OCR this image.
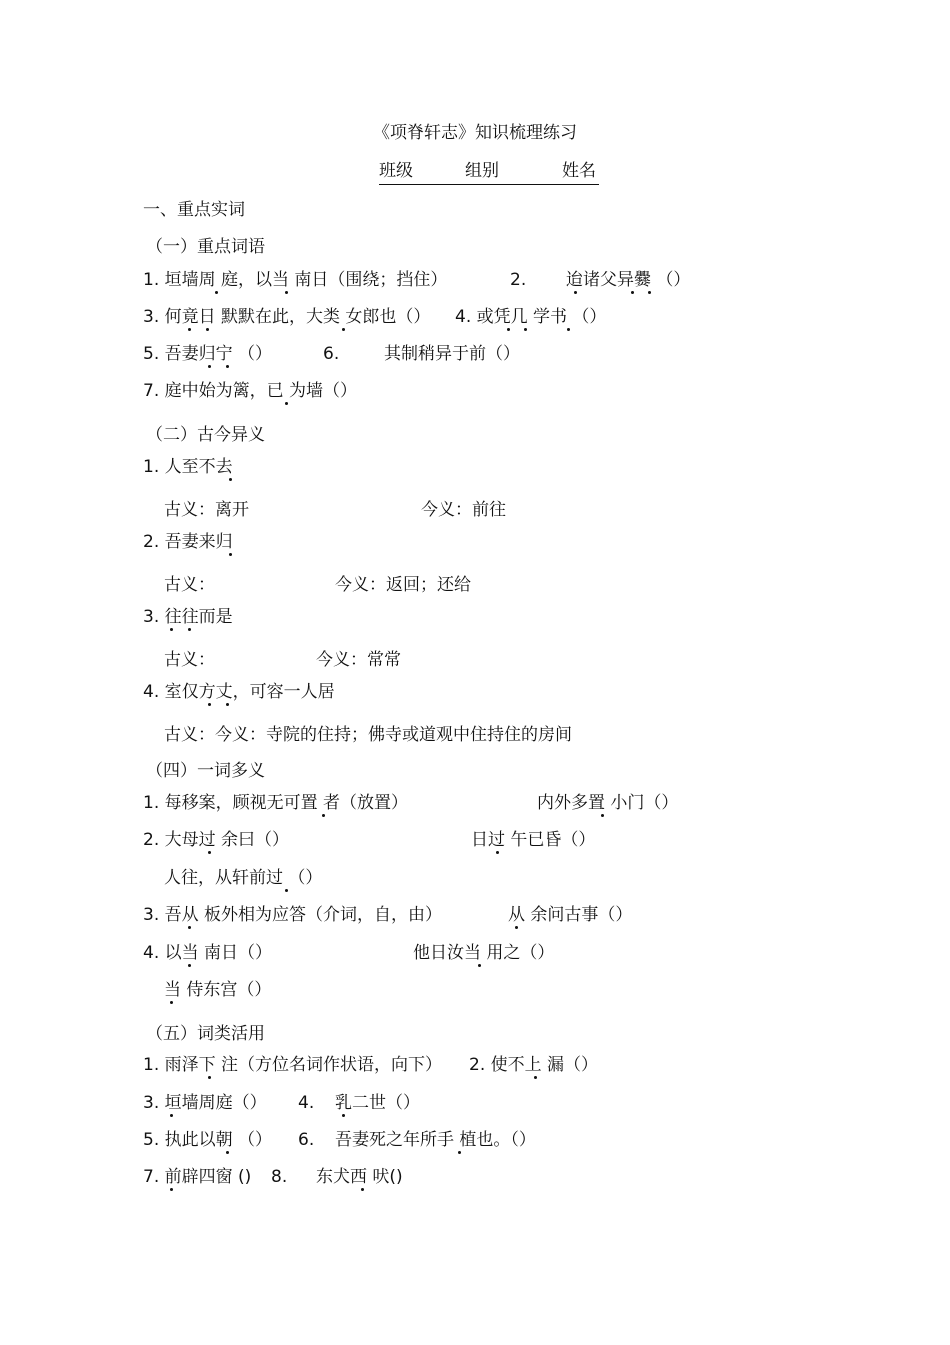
《项脊轩志》知识梳理练习
班级	组别	姓名
一、重点实词
（一）重点词语
1. 垣墙周 庭，以当 南日（围绕；挡住）	2. 迨诸父异爨 （）
3. 何竟日 默默在此，大类 女郎也（） 4. 或凭几 学书 （）
5. 吾妻归宁 （）	6.	其制稍异于前（）
7. 庭中始为篱，已 为墙（）
（二）古今异义
1. 人至不去
古义：离开	今义：前往
2. 吾妻来归
古义：	今义：返回；还给
3. 往往而是
古义：	今义：常常
4. 室仅方丈，可容一人居
古义：今义：寺院的住持；佛寺或道观中住持住的房间
（四）一词多义
1. 每移案，顾视无可置 者（放置）	内外多置 小门（）
2. 大母过 余曰（）	日过 午已昏（）
人往，从轩前过 （）
3. 吾从 板外相为应答（介词，自，由）	从 余问古事（）
4. 以当 南日（）	他日汝当 用之（）
当 侍东宫（）
（五）词类活用
1. 雨泽下 注（方位名词作状语，向下） 2. 使不上 漏（）
3. 垣墙周庭（） 4. 乳二世（）
5. 执此以朝 （） 6. 吾妻死之年所手 植也。（）
7. 前辟四窗 () 8. 东犬西 吠()
